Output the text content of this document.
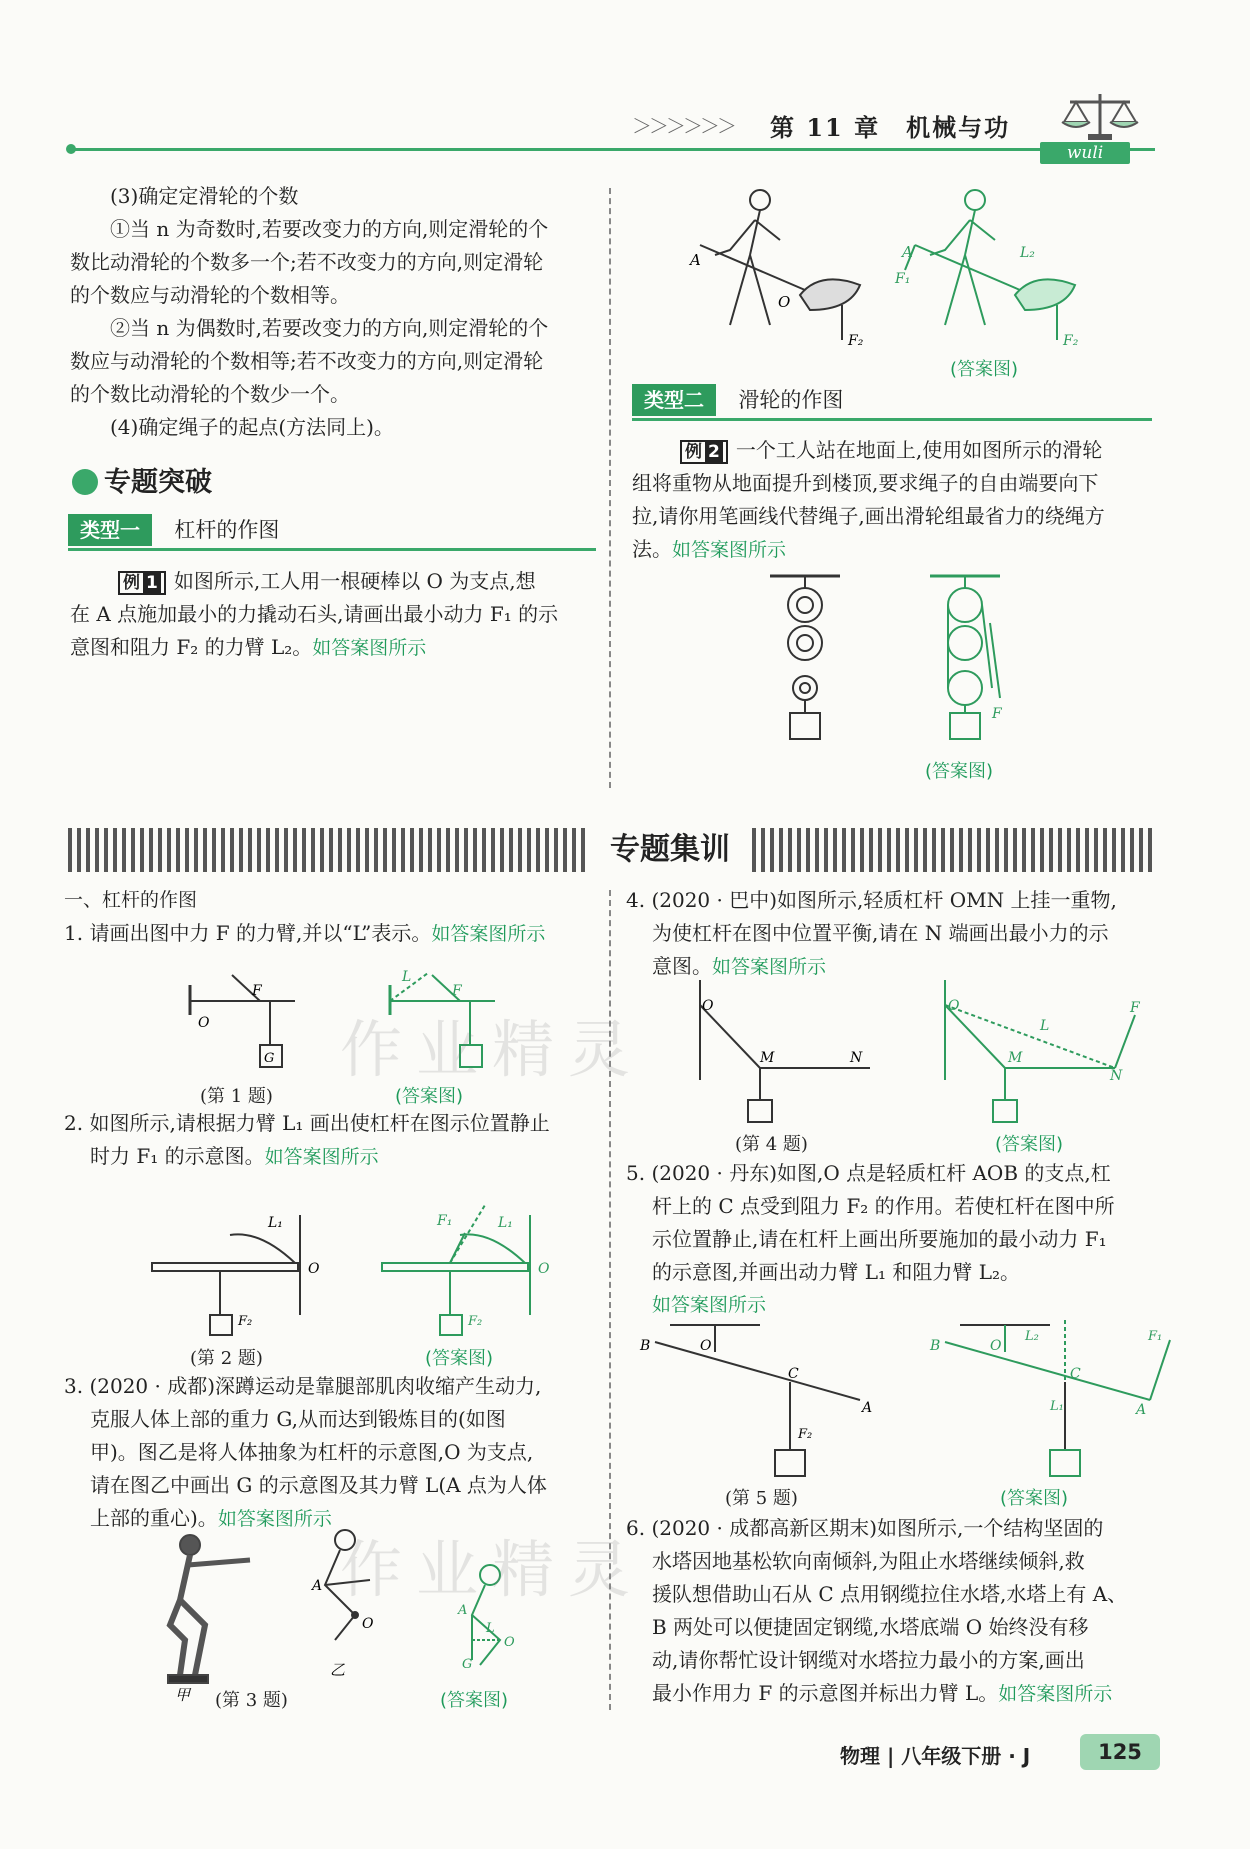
＞＞＞＞＞＞ 第 11 章　机械与功
wuli

(3)确定定滑轮的个数

①当 n 为奇数时,若要改变力的方向,则定滑轮的个

数比动滑轮的个数多一个;若不改变力的方向,则定滑轮

的个数应与动滑轮的个数相等。

②当 n 为偶数时,若要改变力的方向,则定滑轮的个

数应与动滑轮的个数相等;若不改变力的方向,则定滑轮

的个数比动滑轮的个数少一个。

(4)确定绳子的起点(方法同上)。

专题突破
类型一 杠杆的作图

例 1 如图所示,工人用一根硬棒以 O 为支点,想

在 A 点施加最小的力撬动石头,请画出最小动力 F₁ 的示

意图和阻力 F₂ 的力臂 L₂。如答案图所示

A
O
F₂
A
F₁
L₂
F₂
(答案图)
类型二 滑轮的作图

例 2 一个工人站在地面上,使用如图所示的滑轮

组将重物从地面提升到楼顶,要求绳子的自由端要向下

拉,请你用笔画线代替绳子,画出滑轮组最省力的绕绳方

法。如答案图所示

F
(答案图)
专题集训

一、杠杆的作图

1. 请画出图中力 F 的力臂,并以“L”表示。如答案图所示

O
F
G
L
F
(第 1 题)	(答案图)

2. 如图所示,请根据力臂 L₁ 画出使杠杆在图示位置静止

时力 F₁ 的示意图。如答案图所示

L₁
O
F₂
F₁	L₁
O
F₂
(第 2 题)	(答案图)

3. (2020 · 成都)深蹲运动是靠腿部肌肉收缩产生动力,

克服人体上部的重力 G,从而达到锻炼目的(如图

甲)。图乙是将人体抽象为杠杆的示意图,O 为支点,

请在图乙中画出 G 的示意图及其力臂 L(A 点为人体

上部的重心)。如答案图所示

甲
A
O
乙
A
L
O
G
(第 3 题)	(答案图)

4. (2020 · 巴中)如图所示,轻质杠杆 OMN 上挂一重物,

为使杠杆在图中位置平衡,请在 N 端画出最小力的示

意图。如答案图所示

O
M	N
O
L
M
N
F
(第 4 题)	(答案图)

5. (2020 · 丹东)如图,O 点是轻质杠杆 AOB 的支点,杠

杆上的 C 点受到阻力 F₂ 的作用。若使杠杆在图中所

示位置静止,请在杠杆上画出所要施加的最小动力 F₁

的示意图,并画出动力臂 L₁ 和阻力臂 L₂。

如答案图所示

B	O
C
A
F₂
B	O
L₂
C
L₁	A
F₁
(第 5 题)	(答案图)

6. (2020 · 成都高新区期末)如图所示,一个结构坚固的

水塔因地基松软向南倾斜,为阻止水塔继续倾斜,救

援队想借助山石从 C 点用钢缆拉住水塔,水塔上有 A、

B 两处可以便捷固定钢缆,水塔底端 O 始终没有移

动,请你帮忙设计钢缆对水塔拉力最小的方案,画出

最小作用力 F 的示意图并标出力臂 L。如答案图所示

作业精灵
作业精灵
物理 | 八年级下册 · J	125
